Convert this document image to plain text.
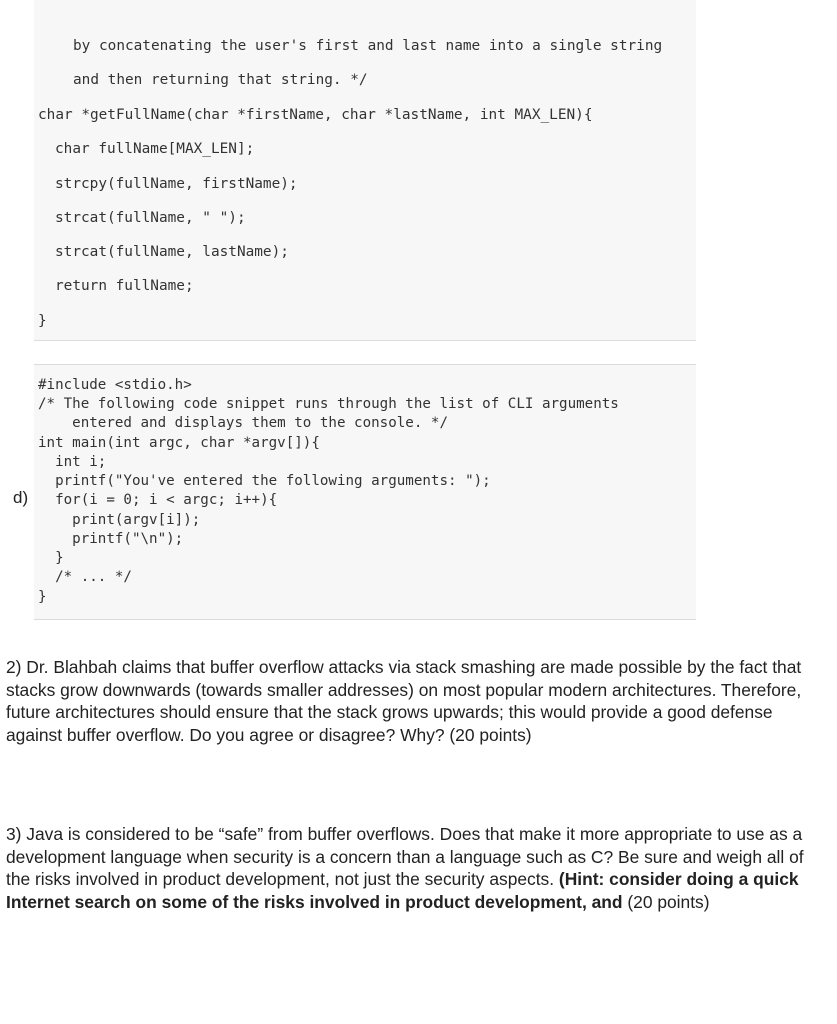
by concatenating the user's first and last name into a single string
and then returning that string. */
char *getFullName(char *firstName, char *lastName, int MAX_LEN){
char fullName[MAX_LEN];
strcpy(fullName, firstName);
strcat(fullName, " ");
strcat(fullName, lastName);
return fullName;
}
#include <stdio.h>
/* The following code snippet runs through the list of CLI arguments
entered and displays them to the console. */
int main(int argc, char *argv[]){
int i;
printf("You've entered the following arguments: ");
for(i = 0; i < argc; i++){
print(argv[i]);
printf("\n");
}
/* ... */
}
d)
2) Dr. Blahbah claims that buffer overflow attacks via stack smashing are made possible by the fact that stacks grow downwards (towards smaller addresses) on most popular modern architectures. Therefore, future architectures should ensure that the stack grows upwards; this would provide a good defense against buffer overflow. Do you agree or disagree? Why? (20 points)
3) Java is considered to be “safe” from buffer overflows. Does that make it more appropriate to use as a development language when security is a concern than a language such as C? Be sure and weigh all of the risks involved in product development, not just the security aspects. (Hint: consider doing a quick Internet search on some of the risks involved in product development, and (20 points)
